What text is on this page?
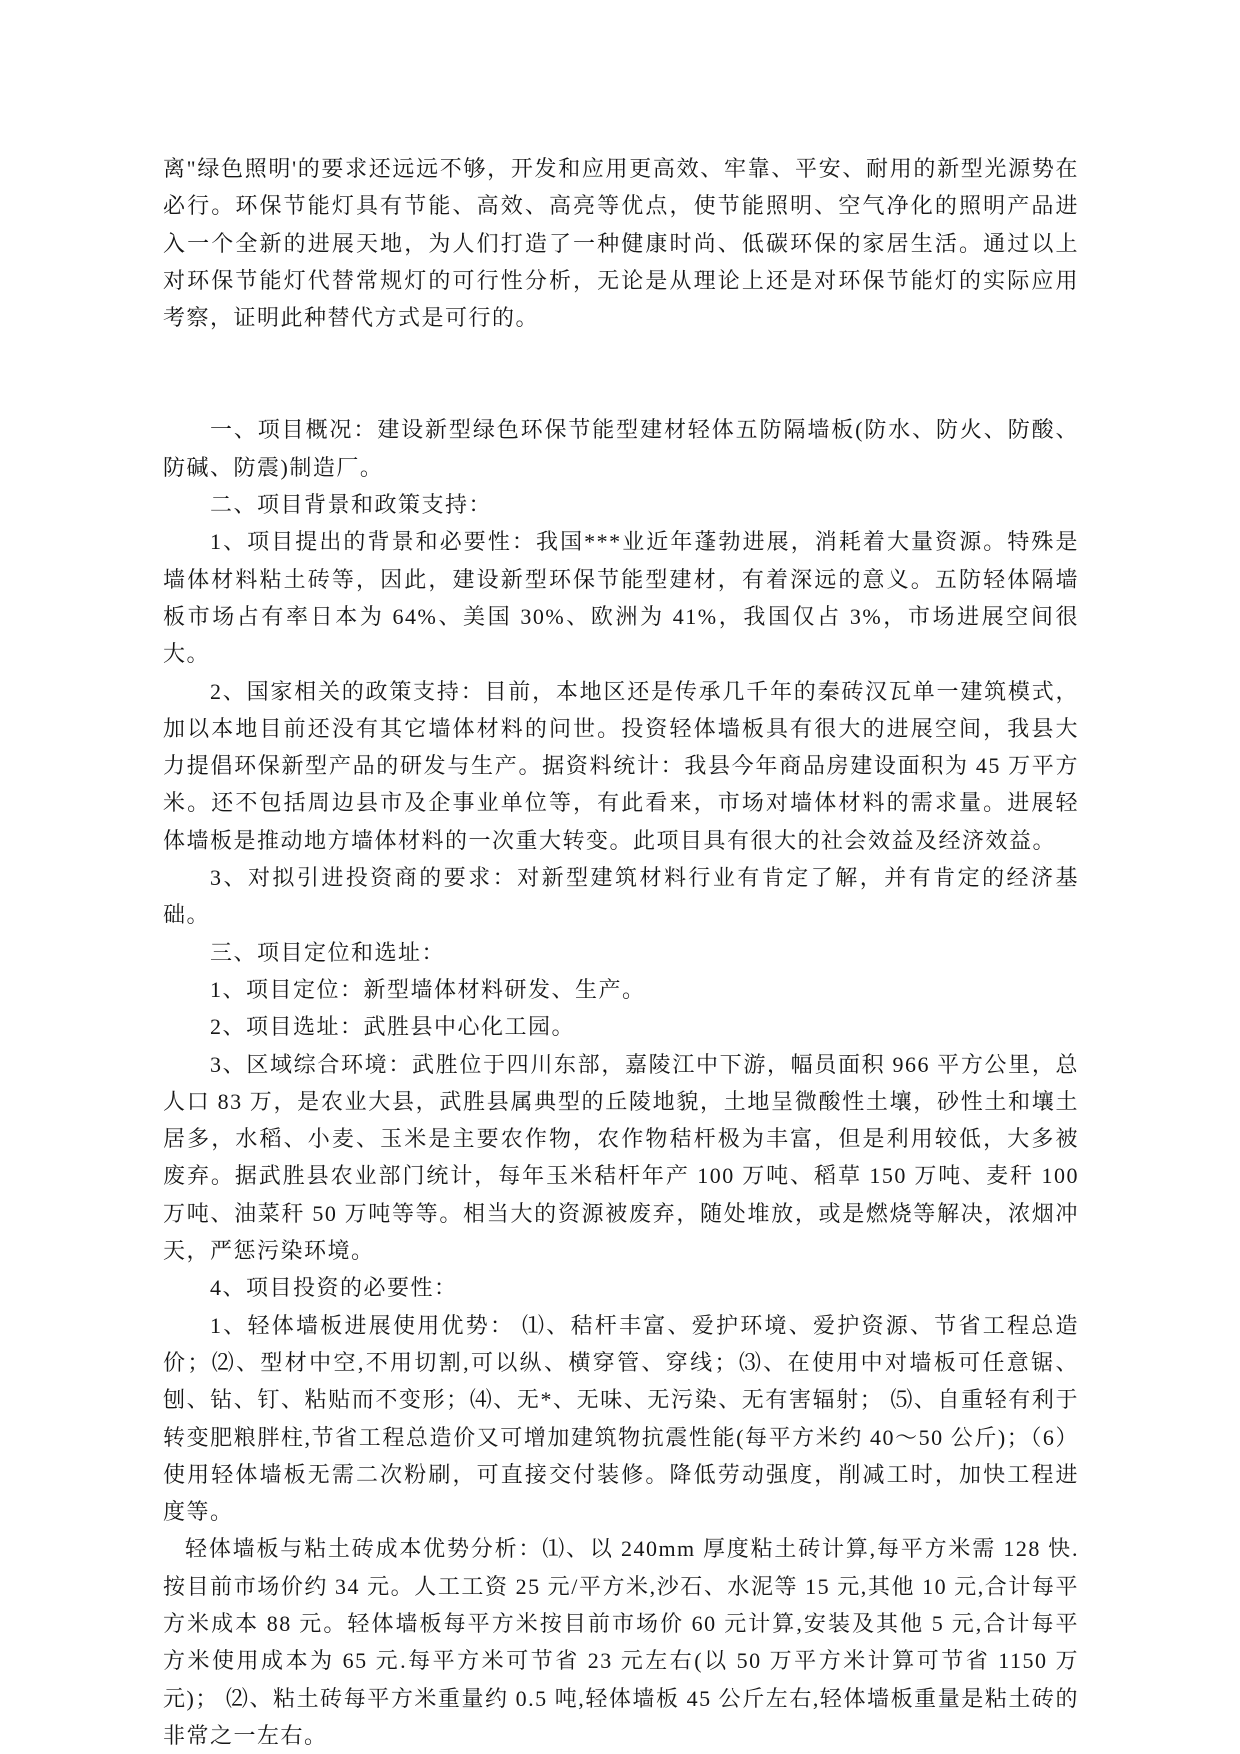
离"绿色照明'的要求还远远不够，开发和应用更高效、牢靠、平安、耐用的新型光源势在必行。环保节能灯具有节能、高效、高亮等优点，使节能照明、空气净化的照明产品进入一个全新的进展天地，为人们打造了一种健康时尚、低碳环保的家居生活。通过以上对环保节能灯代替常规灯的可行性分析，无论是从理论上还是对环保节能灯的实际应用考察，证明此种替代方式是可行的。

一、项目概况：建设新型绿色环保节能型建材轻体五防隔墙板(防水、防火、防酸、防碱、防震)制造厂。

二、项目背景和政策支持：

1、项目提出的背景和必要性：我国***业近年蓬勃进展，消耗着大量资源。特殊是墙体材料粘土砖等，因此，建设新型环保节能型建材，有着深远的意义。五防轻体隔墙板市场占有率日本为 64%、美国 30%、欧洲为 41%，我国仅占 3%，市场进展空间很大。

2、国家相关的政策支持：目前，本地区还是传承几千年的秦砖汉瓦单一建筑模式，加以本地目前还没有其它墙体材料的问世。投资轻体墙板具有很大的进展空间，我县大力提倡环保新型产品的研发与生产。据资料统计：我县今年商品房建设面积为 45 万平方米。还不包括周边县市及企事业单位等，有此看来，市场对墙体材料的需求量。进展轻体墙板是推动地方墙体材料的一次重大转变。此项目具有很大的社会效益及经济效益。

3、对拟引进投资商的要求：对新型建筑材料行业有肯定了解，并有肯定的经济基础。

三、项目定位和选址：

1、项目定位：新型墙体材料研发、生产。

2、项目选址：武胜县中心化工园。

3、区域综合环境：武胜位于四川东部，嘉陵江中下游，幅员面积 966 平方公里，总人口 83 万，是农业大县，武胜县属典型的丘陵地貌，土地呈微酸性土壤，砂性土和壤土居多，水稻、小麦、玉米是主要农作物，农作物秸杆极为丰富，但是利用较低，大多被废弃。据武胜县农业部门统计，每年玉米秸杆年产 100 万吨、稻草 150 万吨、麦秆 100 万吨、油菜秆 50 万吨等等。相当大的资源被废弃，随处堆放，或是燃烧等解决，浓烟冲天，严惩污染环境。

4、项目投资的必要性：

1、轻体墙板进展使用优势： ⑴、秸杆丰富、爱护环境、爱护资源、节省工程总造价；⑵、型材中空,不用切割,可以纵、横穿管、穿线；⑶、在使用中对墙板可任意锯、刨、钻、钉、粘贴而不变形；⑷、无*、无味、无污染、无有害辐射； ⑸、自重轻有利于转变肥粮胖柱,节省工程总造价又可增加建筑物抗震性能(每平方米约 40～50 公斤)；（6）使用轻体墙板无需二次粉刷，可直接交付装修。降低劳动强度，削减工时，加快工程进度等。

轻体墙板与粘土砖成本优势分析：⑴、以 240mm 厚度粘土砖计算,每平方米需 128 快.按目前市场价约 34 元。人工工资 25 元/平方米,沙石、水泥等 15 元,其他 10 元,合计每平方米成本 88 元。轻体墙板每平方米按目前市场价 60 元计算,安装及其他 5 元,合计每平方米使用成本为 65 元.每平方米可节省 23 元左右(以 50 万平方米计算可节省 1150 万元)； ⑵、粘土砖每平方米重量约 0.5 吨,轻体墙板 45 公斤左右,轻体墙板重量是粘土砖的非常之一左右。
